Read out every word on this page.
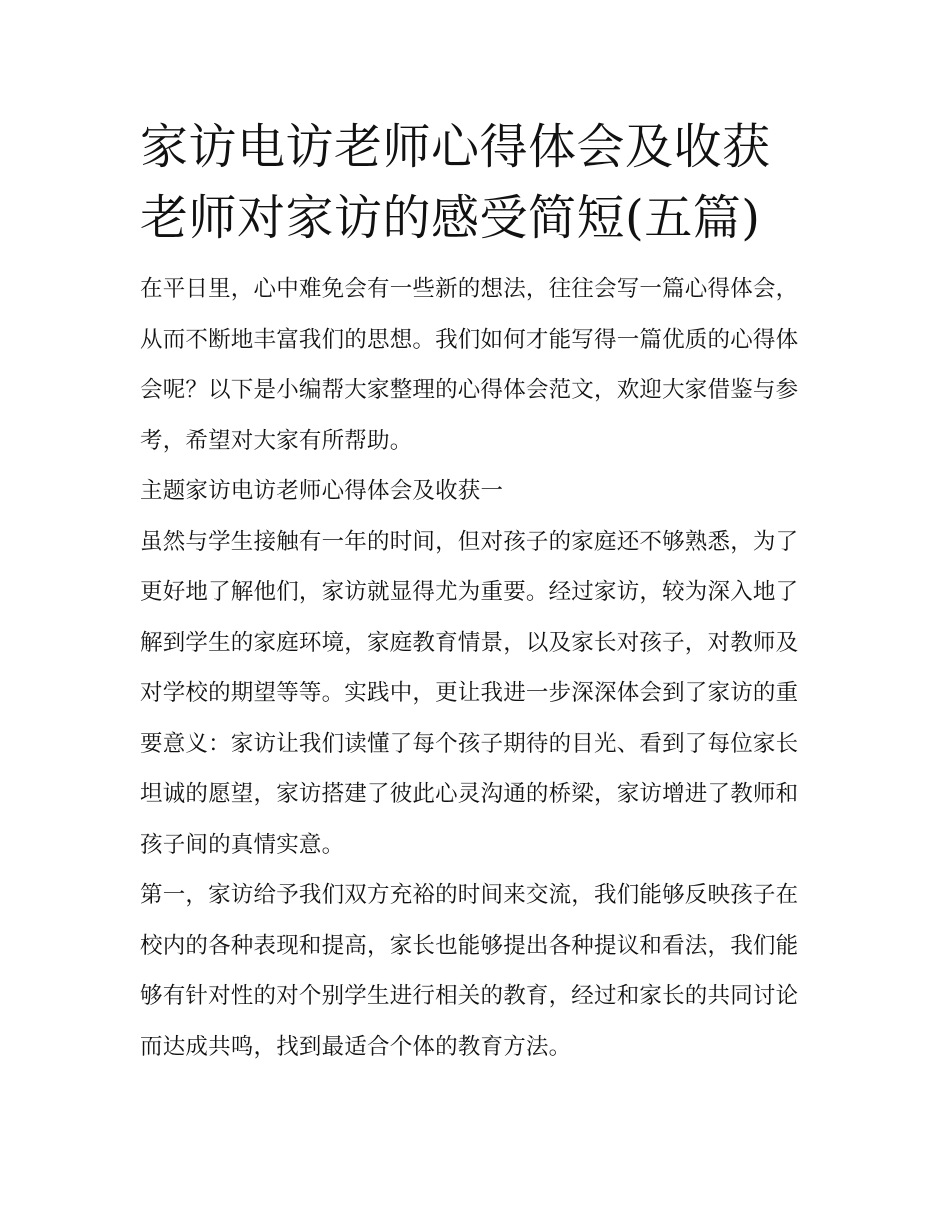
家访电访老师心得体会及收获
老师对家访的感受简短(五篇)

在平日里，心中难免会有一些新的想法，往往会写一篇心得体会，从而不断地丰富我们的思想。我们如何才能写得一篇优质的心得体会呢？以下是小编帮大家整理的心得体会范文，欢迎大家借鉴与参考，希望对大家有所帮助。

主题家访电访老师心得体会及收获一

虽然与学生接触有一年的时间，但对孩子的家庭还不够熟悉，为了更好地了解他们，家访就显得尤为重要。经过家访，较为深入地了解到学生的家庭环境，家庭教育情景，以及家长对孩子，对教师及对学校的期望等等。实践中，更让我进一步深深体会到了家访的重要意义：家访让我们读懂了每个孩子期待的目光、看到了每位家长坦诚的愿望，家访搭建了彼此心灵沟通的桥梁，家访增进了教师和孩子间的真情实意。

第一，家访给予我们双方充裕的时间来交流，我们能够反映孩子在校内的各种表现和提高，家长也能够提出各种提议和看法，我们能够有针对性的对个别学生进行相关的教育，经过和家长的共同讨论而达成共鸣，找到最适合个体的教育方法。
